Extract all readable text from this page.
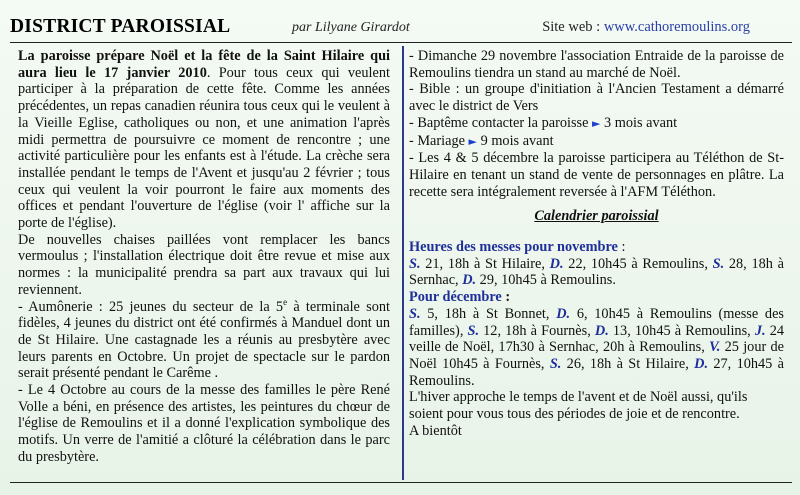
DISTRICT PAROISSIAL	par Lilyane Girardot	Site web : www.cathoremoulins.org

La paroisse prépare Noël et la fête de la Saint Hilaire qui aura lieu le 17 janvier 2010. Pour tous ceux qui veulent participer à la préparation de cette fête. Comme les années précédentes, un repas canadien réunira tous ceux qui le veulent à la Vieille Eglise, catholiques ou non, et une animation l'après midi permettra de poursuivre ce moment de rencontre ; une activité particulière pour les enfants est à l'étude. La crèche sera installée pendant le temps de l'Avent et jusqu'au 2 février ; tous ceux qui veulent la voir pourront le faire aux moments des offices et pendant l'ouverture de l'église (voir l' affiche sur la porte de l'église).

De nouvelles chaises paillées vont remplacer les bancs vermoulus ; l'installation électrique doit être revue et mise aux normes : la municipalité prendra sa part aux travaux qui lui reviennent.

- Aumônerie : 25 jeunes du secteur de la 5e à terminale sont fidèles, 4 jeunes du district ont été confirmés à Manduel dont un de St Hilaire. Une castagnade les a réunis au presbytère avec leurs parents en Octobre. Un projet de spectacle sur le pardon serait présenté pendant le Carême .

- Le 4 Octobre au cours de la messe des familles le père René Volle a béni, en présence des artistes, les peintures du chœur de l'église de Remoulins et il a donné l'explication symbolique des motifs. Un verre de l'amitié a clôturé la célébration dans le parc du presbytère.

- Dimanche 29 novembre l'association Entraide de la paroisse de Remoulins tiendra un stand au marché de Noël.

- Bible : un groupe d'initiation à l'Ancien Testament a démarré avec le district de Vers

- Baptême contacter la paroisse ► 3 mois avant

- Mariage ► 9 mois avant

- Les 4 & 5 décembre la paroisse participera au Téléthon de St-Hilaire en tenant un stand de vente de personnages en plâtre. La recette sera intégralement reversée à l'AFM Téléthon.

Calendrier paroissial

Heures des messes pour novembre :

S. 21, 18h à St Hilaire, D. 22, 10h45 à Remoulins, S. 28, 18h à Sernhac, D. 29, 10h45 à Remoulins.

Pour décembre :

S. 5, 18h à St Bonnet, D. 6, 10h45 à Remoulins (messe des familles), S. 12, 18h à Fournès, D. 13, 10h45 à Remoulins, J. 24 veille de Noël, 17h30 à Sernhac, 20h à Remoulins, V. 25 jour de Noël 10h45 à Fournès, S. 26, 18h à St Hilaire, D. 27, 10h45 à Remoulins.

L'hiver approche le temps de l'avent et de Noël aussi, qu'ils soient pour vous tous des périodes de joie et de rencontre.

A bientôt
